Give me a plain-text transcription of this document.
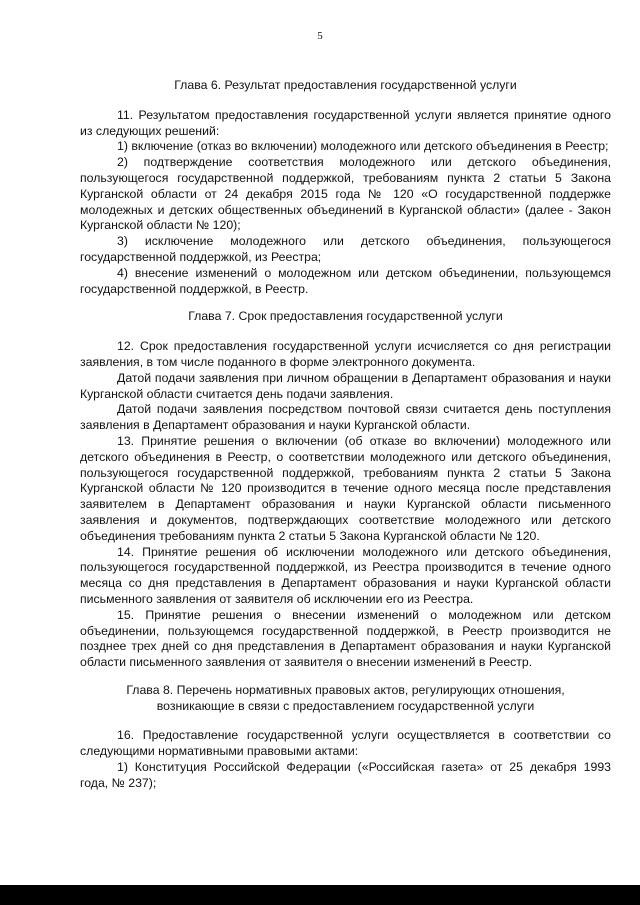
5
Глава 6. Результат предоставления государственной услуги

11. Результатом предоставления государственной услуги является принятие одного из следующих решений:

1) включение (отказ во включении) молодежного или детского объединения в Реестр;

2) подтверждение соответствия молодежного или детского объединения, пользующегося государственной поддержкой, требованиям пункта 2 статьи 5 Закона Курганской области от 24 декабря 2015 года № 120 «О государственной поддержке молодежных и детских общественных объединений в Курганской области» (далее - Закон Курганской области № 120);

3) исключение молодежного или детского объединения, пользующегося государственной поддержкой, из Реестра;

4) внесение изменений о молодежном или детском объединении, пользующемся государственной поддержкой, в Реестр.

Глава 7. Срок предоставления государственной услуги

12. Срок предоставления государственной услуги исчисляется со дня регистрации заявления, в том числе поданного в форме электронного документа.

Датой подачи заявления при личном обращении в Департамент образования и науки Курганской области считается день подачи заявления.

Датой подачи заявления посредством почтовой связи считается день поступления заявления в Департамент образования и науки Курганской области.

13. Принятие решения о включении (об отказе во включении) молодежного или детского объединения в Реестр, о соответствии молодежного или детского объединения, пользующегося государственной поддержкой, требованиям пункта 2 статьи 5 Закона Курганской области № 120 производится в течение одного месяца после представления заявителем в Департамент образования и науки Курганской области письменного заявления и документов, подтверждающих соответствие молодежного или детского объединения требованиям пункта 2 статьи 5 Закона Курганской области № 120.

14. Принятие решения об исключении молодежного или детского объединения, пользующегося государственной поддержкой, из Реестра производится в течение одного месяца со дня представления в Департамент образования и науки Курганской области письменного заявления от заявителя об исключении его из Реестра.

15. Принятие решения о внесении изменений о молодежном или детском объединении, пользующемся государственной поддержкой, в Реестр производится не позднее трех дней со дня представления в Департамент образования и науки Курганской области письменного заявления от заявителя о внесении изменений в Реестр.

Глава 8. Перечень нормативных правовых актов, регулирующих отношения,
возникающие в связи с предоставлением государственной услуги

16. Предоставление государственной услуги осуществляется в соответствии со следующими нормативными правовыми актами:

1) Конституция Российской Федерации («Российская газета» от 25 декабря 1993 года, № 237);
